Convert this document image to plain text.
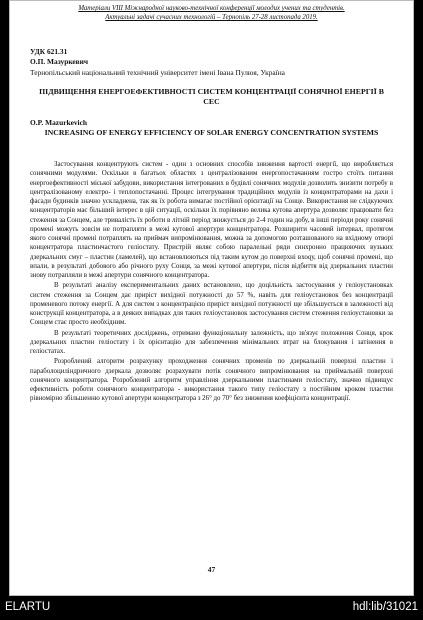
Матеріали VIII Міжнародної науково-технічної конференції молодих учених та студентів.
Актуальні задачі сучасних технологій – Тернопіль 27-28 листопада 2019.
УДК 621.31
О.П. Мазуркевич
Тернопільський національний технічний університет імені Івана Пулюя, Україна
ПІДВИЩЕННЯ ЕНЕРГОЕФЕКТИВНОСТІ СИСТЕМ КОНЦЕНТРАЦІЇ СОНЯЧНОЇ ЕНЕРГІЇ В СЕС
O.P. Mazurkevich
INCREASING OF ENERGY EFFICIENCY OF SOLAR ENERGY CONCENTRATION SYSTEMS

Застосування концентрують систем - один з основних способів зниження вартості енергії, що виробляється сонячними модулями. Оскільки в багатьох областях з централізованим енергопостачанням гостро стоїть питання енергоефективності міської забудови, використання інтегрованих в будівлі сонячних модулів дозволить знизити потребу в централізованому електро- і теплопостачанні. Процес інтегрування традиційних модулів із концентраторами на дахи і фасади будинків значно ускладнена, так як їх робота вимагає постійної орієнтації на Сонце. Використання не слідкуючих концентраторів має більший інтерес в цій ситуації, оскільки їх порівняно велика кутова апертура дозволяє працювати без стеження за Сонцем, але тривалість їх роботи в літній період знижується до 2-4 годин на добу, в інші періоди року сонячні промені можуть зовсім не потрапляти в межі кутової апертури концентратора. Розширити часовий інтервал, протягом якого сонячні промені потраплять на приймач випромінювання, можна за допомогою розташованого на вхідному отворі концентратора пластинчастого геліостату. Пристрій являє собою паралельні ряди синхронно працюючих вузьких дзеркальних смуг – пластин (ламелей), що встановлюються під таким кутом до поверхні вхоqу, щоб сонячні промені, що впали, в результаті добового або річного руху Сонця, за межі кутової апертури, після відбиття від дзеркальних пластин знову потрапляли в межі апертури сонячного концентратора.

В результаті аналізу експериментальних даних встановлено, що доцільність застосування у геліоустановках систем стеження за Сонцем дає приріст вихідної потужності до 57 %, навіть для геліоустановок без концентрації променевого потоку енергії. А для систем з концентрацією приріст вихідної потужності ще збільшується в залежності від конструкції концентратора, а в деяких випадках для таких геліоустановок застосування систем стеження геліоустановки за Сонцем стає просто необхідним.

В результаті теоретичних досліджень, отримано функціональну залежність, що зв'язує положення Сонця, крок дзеркальних пластин геліостату і їх орієнтацію для забезпечення мінімальних втрат на блокування і затінення в геліостатах.

Розроблений алгоритм розрахунку проходження сонячних променів по дзеркальній поверхні пластин і параболоциліндричного дзеркала дозволяє розрахувати потік сонячного випромінювання на приймальній поверхні сонячного концентратора. Розроблений алгоритм управління дзеркальними пластинами геліостату, значно підвищує ефективність роботи сонячного концентратора - використання такого типу геліостату з постійним кроком пластин рівномірно збільшенню кутової апертури концентратора з 26° до 70° без зниження коефіцієнта концентрації.

47
ELARTU	hdl:lib/31021
